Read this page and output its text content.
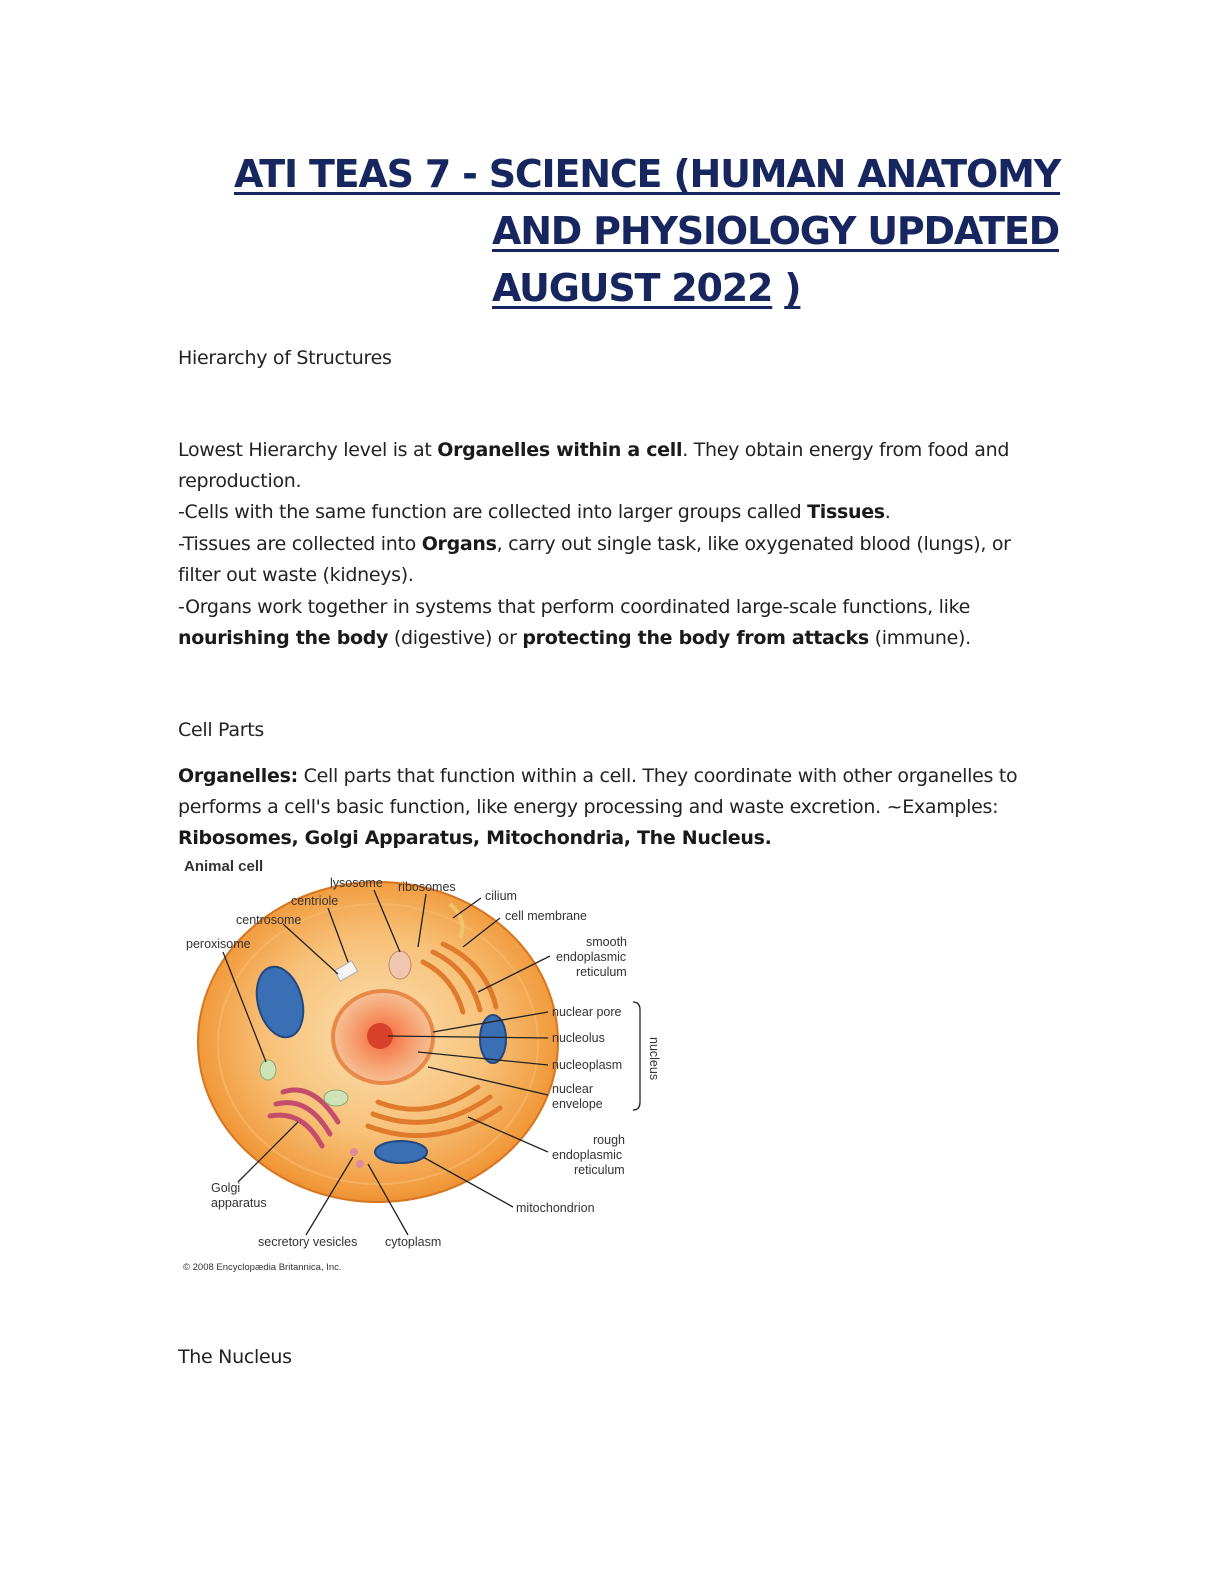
ATI TEAS 7 - SCIENCE (HUMAN ANATOMY
AND PHYSIOLOGY UPDATED
AUGUST 2022 )

Hierarchy of Structures

Lowest Hierarchy level is at Organelles within a cell. They obtain energy from food and reproduction.

-Cells with the same function are collected into larger groups called Tissues.

-Tissues are collected into Organs, carry out single task, like oxygenated blood (lungs), or filter out waste (kidneys).

-Organs work together in systems that perform coordinated large-scale functions, like nourishing the body (digestive) or protecting the body from attacks (immune).

Cell Parts

Organelles: Cell parts that function within a cell. They coordinate with other organelles to performs a cell's basic function, like energy processing and waste excretion. ~Examples: Ribosomes, Golgi Apparatus, Mitochondria, The Nucleus.

Animal cell
nucleus
lysosome ribosomes
cilium
centriole
cell membrane
centrosome
smooth
endoplasmic
reticulum
peroxisome
nuclear pore
nucleolus
nucleoplasm
nuclear
envelope
rough
endoplasmic
reticulum
Golgi
apparatus	mitochondrion
secretory vesicles cytoplasm
© 2008 Encyclopædia Britannica, Inc.

The Nucleus
